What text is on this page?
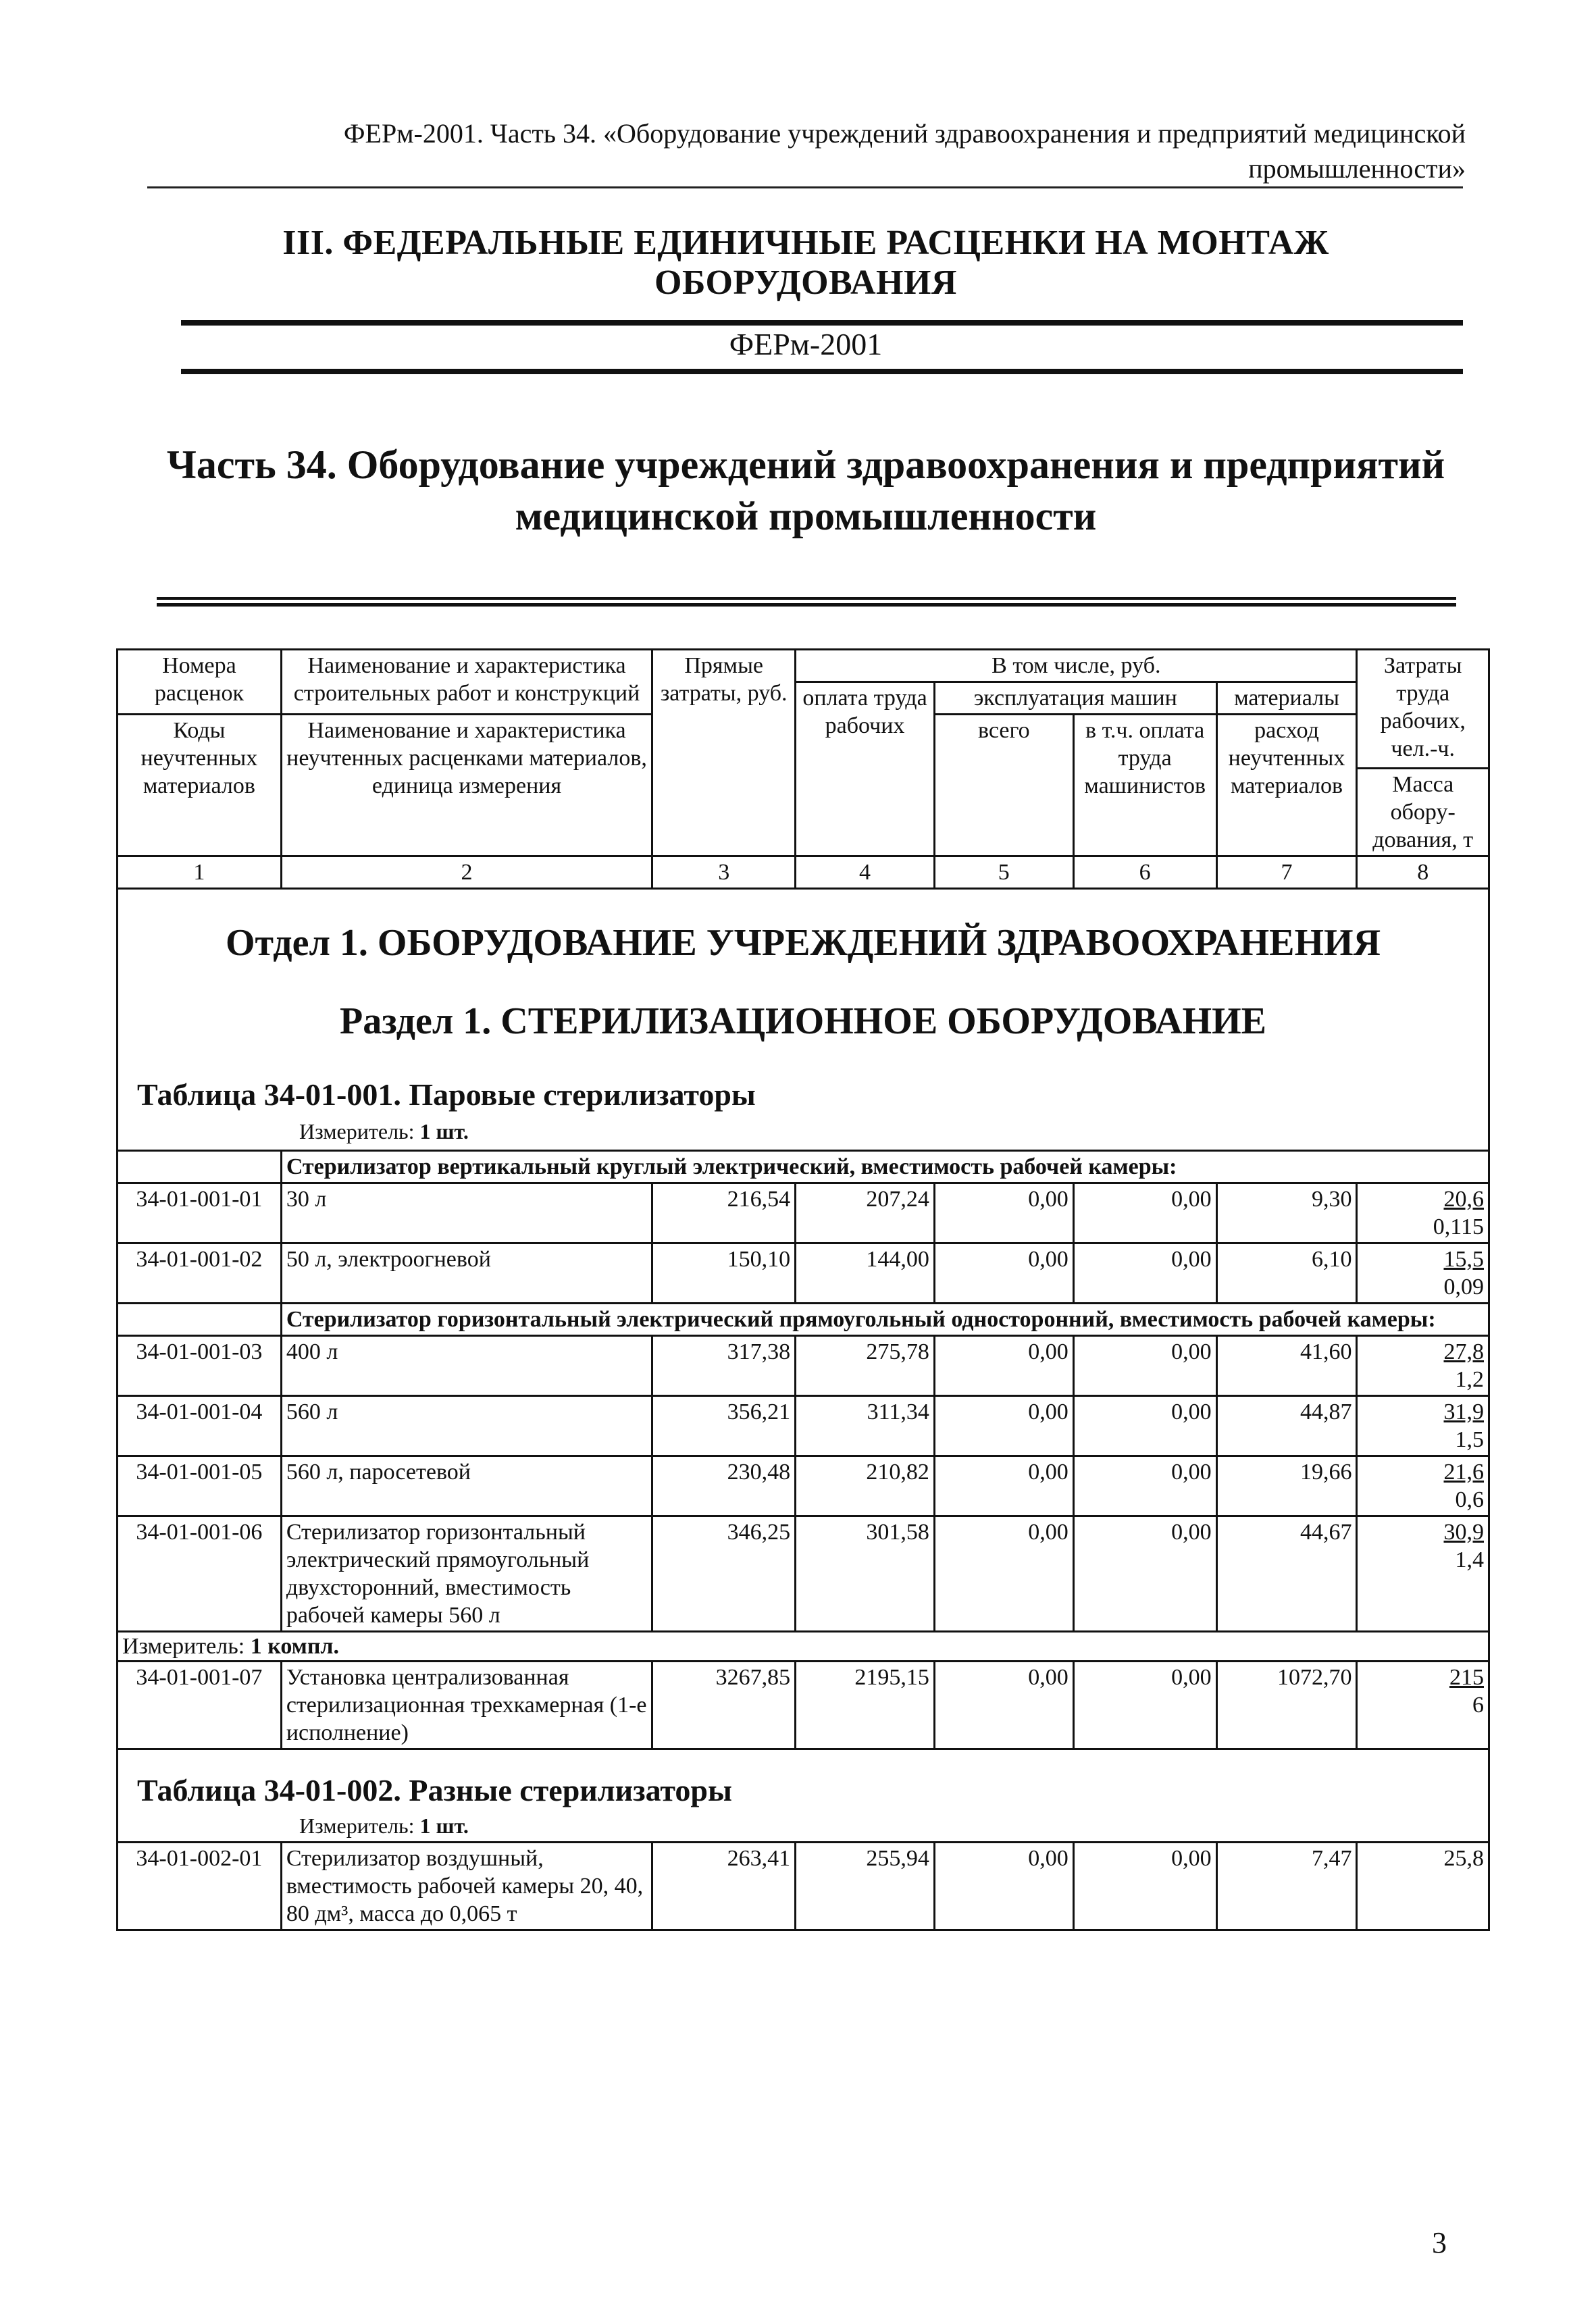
ФЕРм-2001. Часть 34. «Оборудование учреждений здравоохранения и предприятий медицинской
промышленности»
III. ФЕДЕРАЛЬНЫЕ ЕДИНИЧНЫЕ РАСЦЕНКИ НА МОНТАЖ ОБОРУДОВАНИЯ
ФЕРм-2001
Часть 34. Оборудование учреждений здравоохранения и предприятий
медицинской промышленности
Номера расценок	Наименование и характеристика строительных работ и конструкций	Прямые затраты, руб.	В том числе, руб.				Затраты труда рабочих, чел.-ч.
			оплата труда рабочих	эксплуатация машин		материалы	
Коды неучтенных материалов	Наименование и характеристика неучтенных расценками материалов, единица измерения			всего	в т.ч. оплата труда машинистов	расход неучтенных материалов	
							Масса обору-дования, т
1	2	3	4	5	6	7	8

Отдел 1. ОБОРУДОВАНИЕ УЧРЕЖДЕНИЙ ЗДРАВООХРАНЕНИЯ
Раздел 1. СТЕРИЛИЗАЦИОННОЕ ОБОРУДОВАНИЕ
Таблица 34-01-001. Паровые стерилизаторы
Измеритель: 1 шт.							

	Стерилизатор вертикальный круглый электрический, вместимость рабочей камеры:						
34-01-001-01	30 л	216,54	207,24	0,00	0,00	9,30	20,6
0,115

34-01-001-02	50 л, электроогневой	150,10	144,00	0,00	0,00	6,10	15,5
0,09

	Стерилизатор горизонтальный электрический прямоугольный односторонний, вместимость рабочей камеры:						
34-01-001-03	400 л	317,38	275,78	0,00	0,00	41,60	27,8
1,2

34-01-001-04	560 л	356,21	311,34	0,00	0,00	44,87	31,9
1,5

34-01-001-05	560 л, паросетевой	230,48	210,82	0,00	0,00	19,66	21,6
0,6

34-01-001-06	Стерилизатор горизонтальный электрический прямоугольный двухсторонний, вместимость рабочей камеры 560 л	346,25	301,58	0,00	0,00	44,67	30,9
1,4

Измеритель: 1 компл.							
34-01-001-07	Установка централизованная стерилизационная трехкамерная (1-е исполнение)	3267,85	2195,15	0,00	0,00	1072,70	215
6

Таблица 34-01-002. Разные стерилизаторы
Измеритель: 1 шт.							

34-01-002-01	Стерилизатор воздушный, вместимость рабочей камеры 20, 40, 80 дм³, масса до 0,065 т	263,41	255,94	0,00	0,00	7,47	25,8
3
